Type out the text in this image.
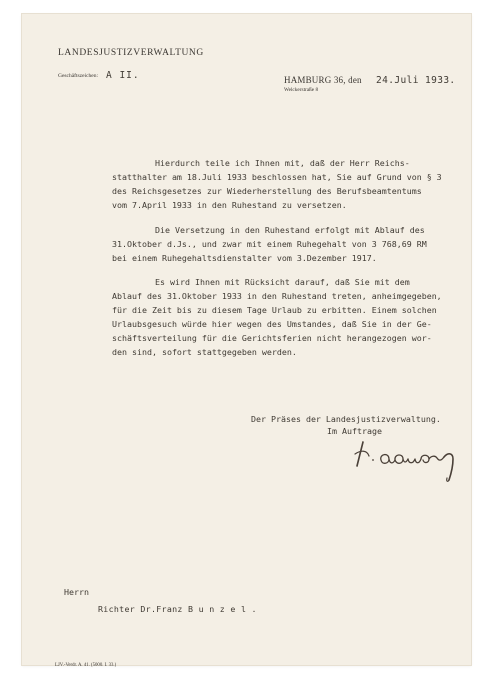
LANDESJUSTIZVERWALTUNG
Geschäftszeichen: A II.	HAMBURG 36, den
Welckerstraße 8
24.Juli 1933.
Hierdurch teile ich Ihnen mit, daß der Herr Reichs-
statthalter am 18.Juli 1933 beschlossen hat, Sie auf Grund von § 3
des Reichsgesetzes zur Wiederherstellung des Berufsbeamtentums
vom 7.April 1933 in den Ruhestand zu versetzen.
Die Versetzung in den Ruhestand erfolgt mit Ablauf des
31.Oktober d.Js., und zwar mit einem Ruhegehalt von 3 768,69 RM
bei einem Ruhegehaltsdienstalter vom 3.Dezember 1917.
Es wird Ihnen mit Rücksicht darauf, daß Sie mit dem
Ablauf des 31.Oktober 1933 in den Ruhestand treten, anheimgegeben,
für die Zeit bis zu diesem Tage Urlaub zu erbitten. Einem solchen
Urlaubsgesuch würde hier wegen des Umstandes, daß Sie in der Ge-
schäftsverteilung für die Gerichtsferien nicht herangezogen wor-
den sind, sofort stattgegeben werden.
Der Präses der Landesjustizverwaltung.
Im Auftrage
Herrn
Richter Dr.Franz B u n z e l .
LJV.-Verdr. A. 41. (5000. I. 33.)
